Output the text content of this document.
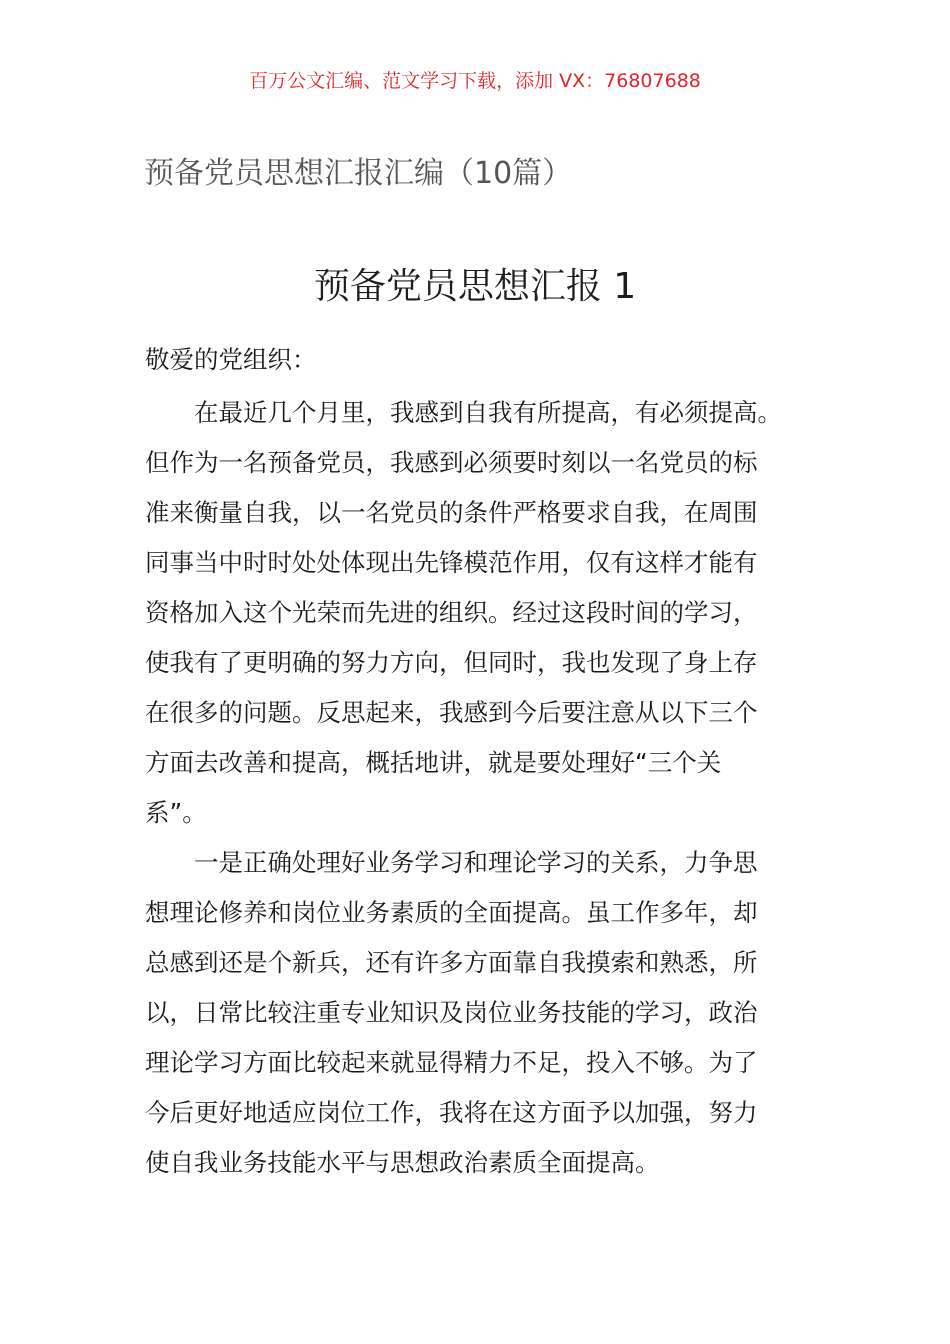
百万公文汇编、范文学习下载，添加 VX：76807688
预备党员思想汇报汇编（10篇）
预备党员思想汇报 1
敬爱的党组织：
在最近几个月里，我感到自我有所提高，有必须提高。
但作为一名预备党员，我感到必须要时刻以一名党员的标
准来衡量自我，以一名党员的条件严格要求自我，在周围
同事当中时时处处体现出先锋模范作用，仅有这样才能有
资格加入这个光荣而先进的组织。经过这段时间的学习，
使我有了更明确的努力方向，但同时，我也发现了身上存
在很多的问题。反思起来，我感到今后要注意从以下三个
方面去改善和提高，概括地讲，就是要处理好“三个关
系”。
一是正确处理好业务学习和理论学习的关系，力争思
想理论修养和岗位业务素质的全面提高。虽工作多年，却
总感到还是个新兵，还有许多方面靠自我摸索和熟悉，所
以，日常比较注重专业知识及岗位业务技能的学习，政治
理论学习方面比较起来就显得精力不足，投入不够。为了
今后更好地适应岗位工作，我将在这方面予以加强，努力
使自我业务技能水平与思想政治素质全面提高。
